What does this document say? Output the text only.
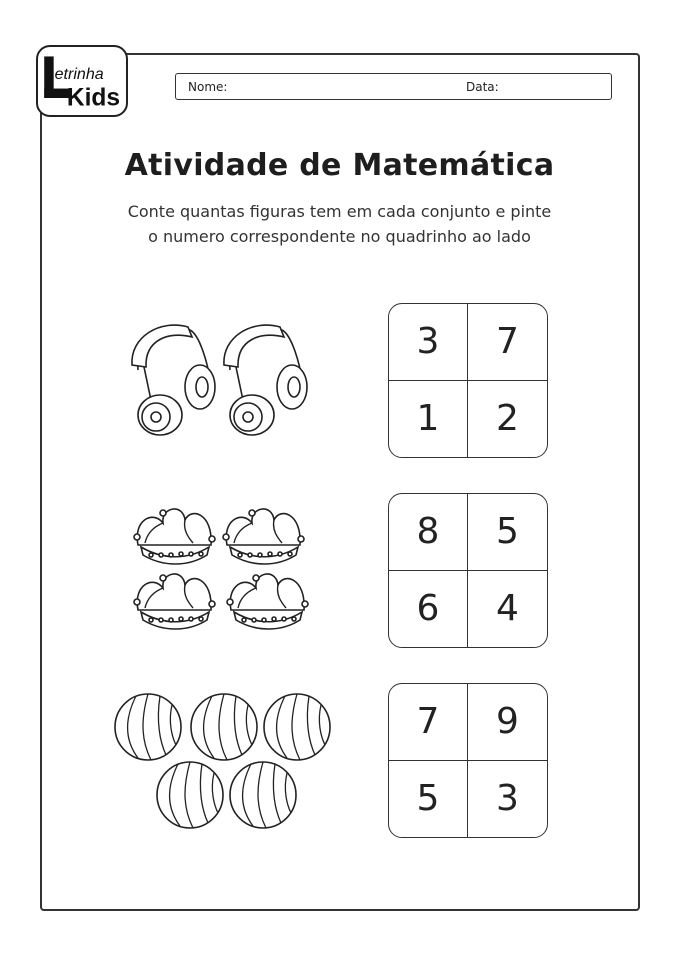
etrinha
Kids	Nome:	Data:
Atividade de Matemática
Conte quantas figuras tem em cada conjunto e pinte
o numero correspondente no quadrinho ao lado
3	7
1	2
8	5
6	4
7	9
5	3
